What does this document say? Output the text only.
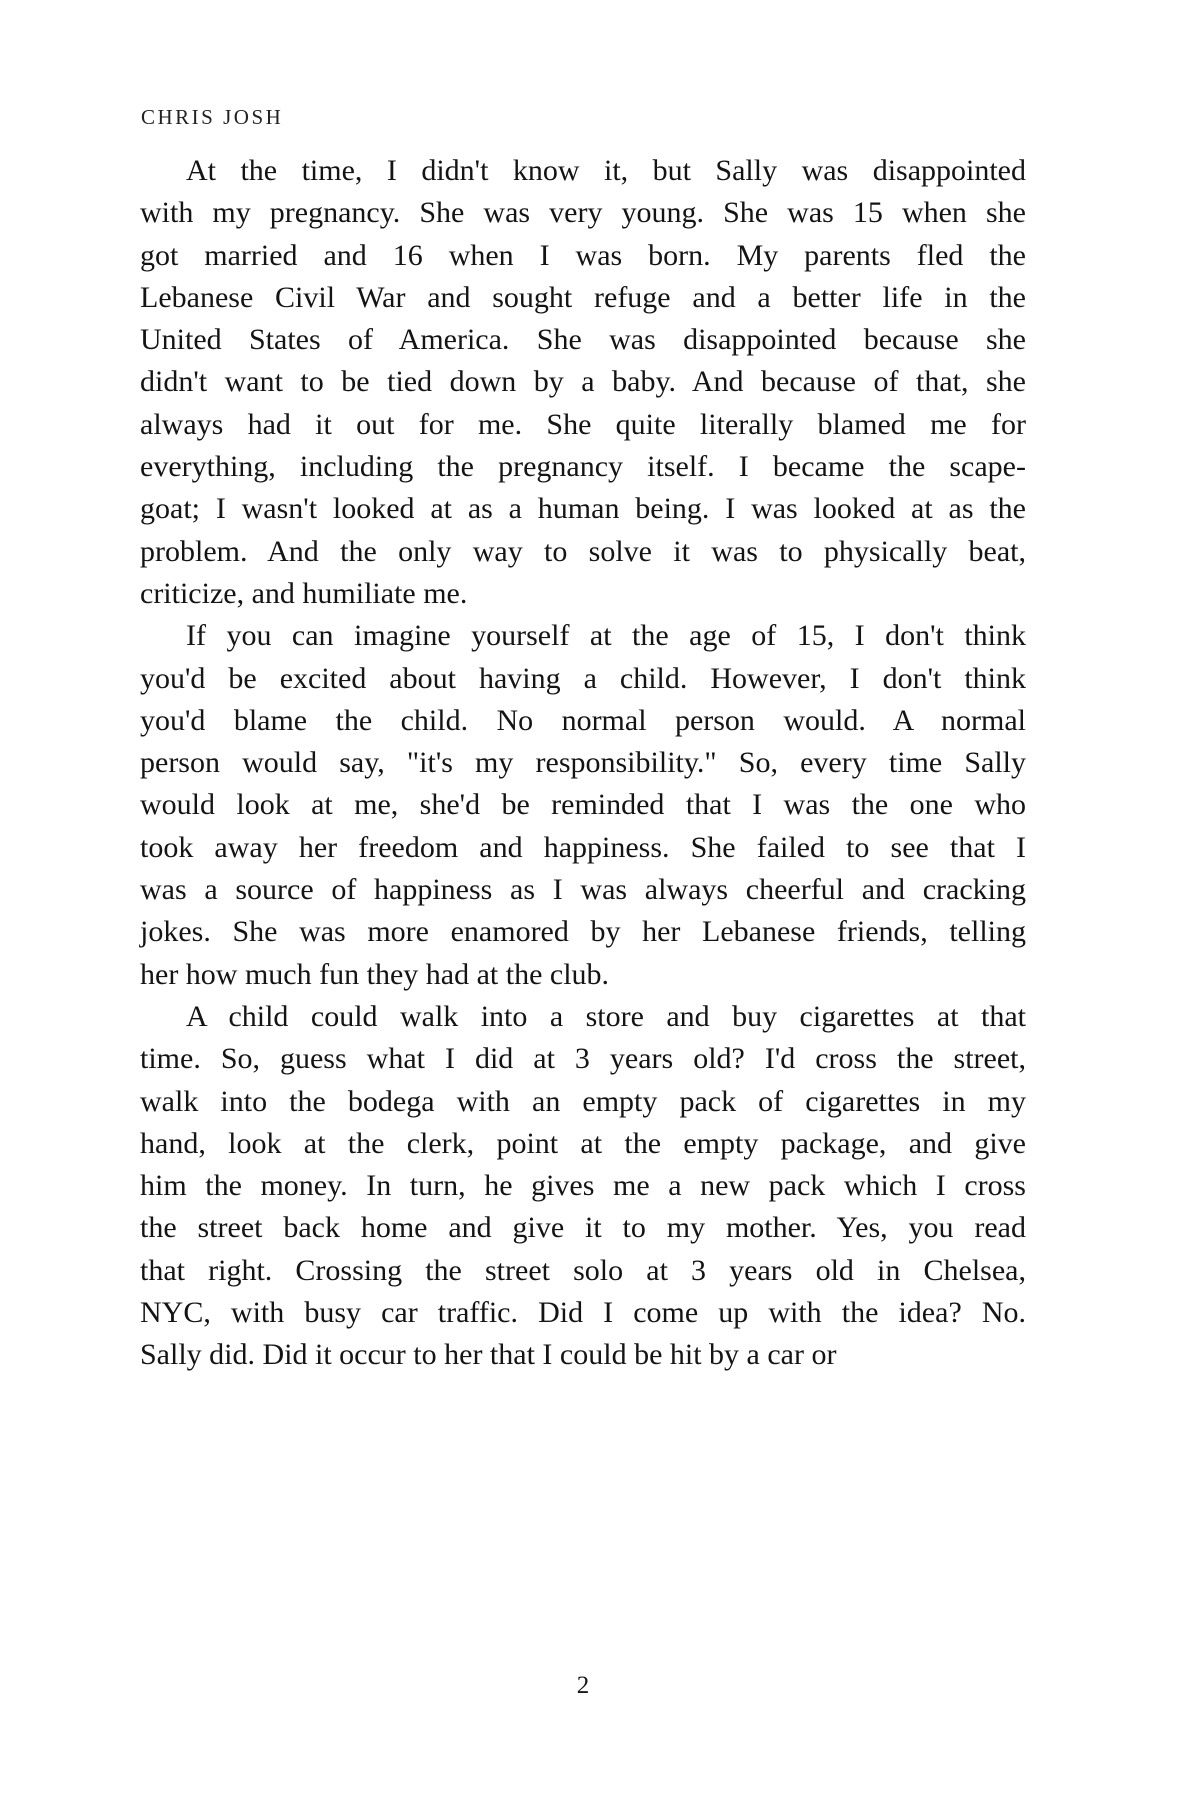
CHRIS JOSH
At the time, I didn't know it, but Sally was disappointed
with my pregnancy. She was very young. She was 15 when she
got married and 16 when I was born. My parents fled the
Lebanese Civil War and sought refuge and a better life in the
United States of America. She was disappointed because she
didn't want to be tied down by a baby. And because of that, she
always had it out for me. She quite literally blamed me for
everything, including the pregnancy itself. I became the scape-
goat; I wasn't looked at as a human being. I was looked at as the
problem. And the only way to solve it was to physically beat,
criticize, and humiliate me.
If you can imagine yourself at the age of 15, I don't think
you'd be excited about having a child. However, I don't think
you'd blame the child. No normal person would. A normal
person would say, "it's my responsibility." So, every time Sally
would look at me, she'd be reminded that I was the one who
took away her freedom and happiness. She failed to see that I
was a source of happiness as I was always cheerful and cracking
jokes. She was more enamored by her Lebanese friends, telling
her how much fun they had at the club.
A child could walk into a store and buy cigarettes at that
time. So, guess what I did at 3 years old? I'd cross the street,
walk into the bodega with an empty pack of cigarettes in my
hand, look at the clerk, point at the empty package, and give
him the money. In turn, he gives me a new pack which I cross
the street back home and give it to my mother. Yes, you read
that right. Crossing the street solo at 3 years old in Chelsea,
NYC, with busy car traffic. Did I come up with the idea? No.
Sally did. Did it occur to her that I could be hit by a car or
2
